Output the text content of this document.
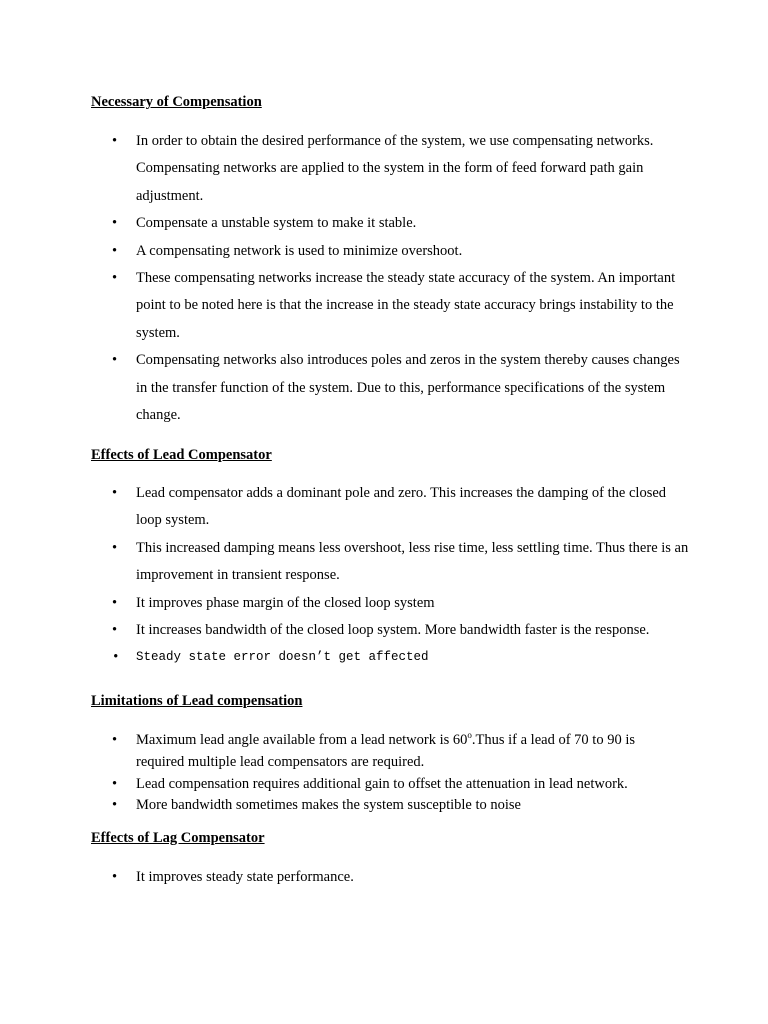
Necessary of Compensation
• In order to obtain the desired performance of the system, we use compensating networks. Compensating networks are applied to the system in the form of feed forward path gain adjustment.
• Compensate a unstable system to make it stable.
• A compensating network is used to minimize overshoot.
• These compensating networks increase the steady state accuracy of the system. An important point to be noted here is that the increase in the steady state accuracy brings instability to the system.
• Compensating networks also introduces poles and zeros in the system thereby causes changes in the transfer function of the system. Due to this, performance specifications of the system change.
Effects of Lead Compensator
• Lead compensator adds a dominant pole and zero. This increases the damping of the closed loop system.
• This increased damping means less overshoot, less rise time, less settling time. Thus there is an improvement in transient response.
• It improves phase margin of the closed loop system
• It increases bandwidth of the closed loop system. More bandwidth faster is the response.
• Steady state error doesn’t get affected
Limitations of Lead compensation
• Maximum lead angle available from a lead network is 60$^o$.Thus if a lead of 70 to 90 is required multiple lead compensators are required.
• Lead compensation requires additional gain to offset the attenuation in lead network.
• More bandwidth sometimes makes the system susceptible to noise
Effects of Lag Compensator
• It improves steady state performance.
